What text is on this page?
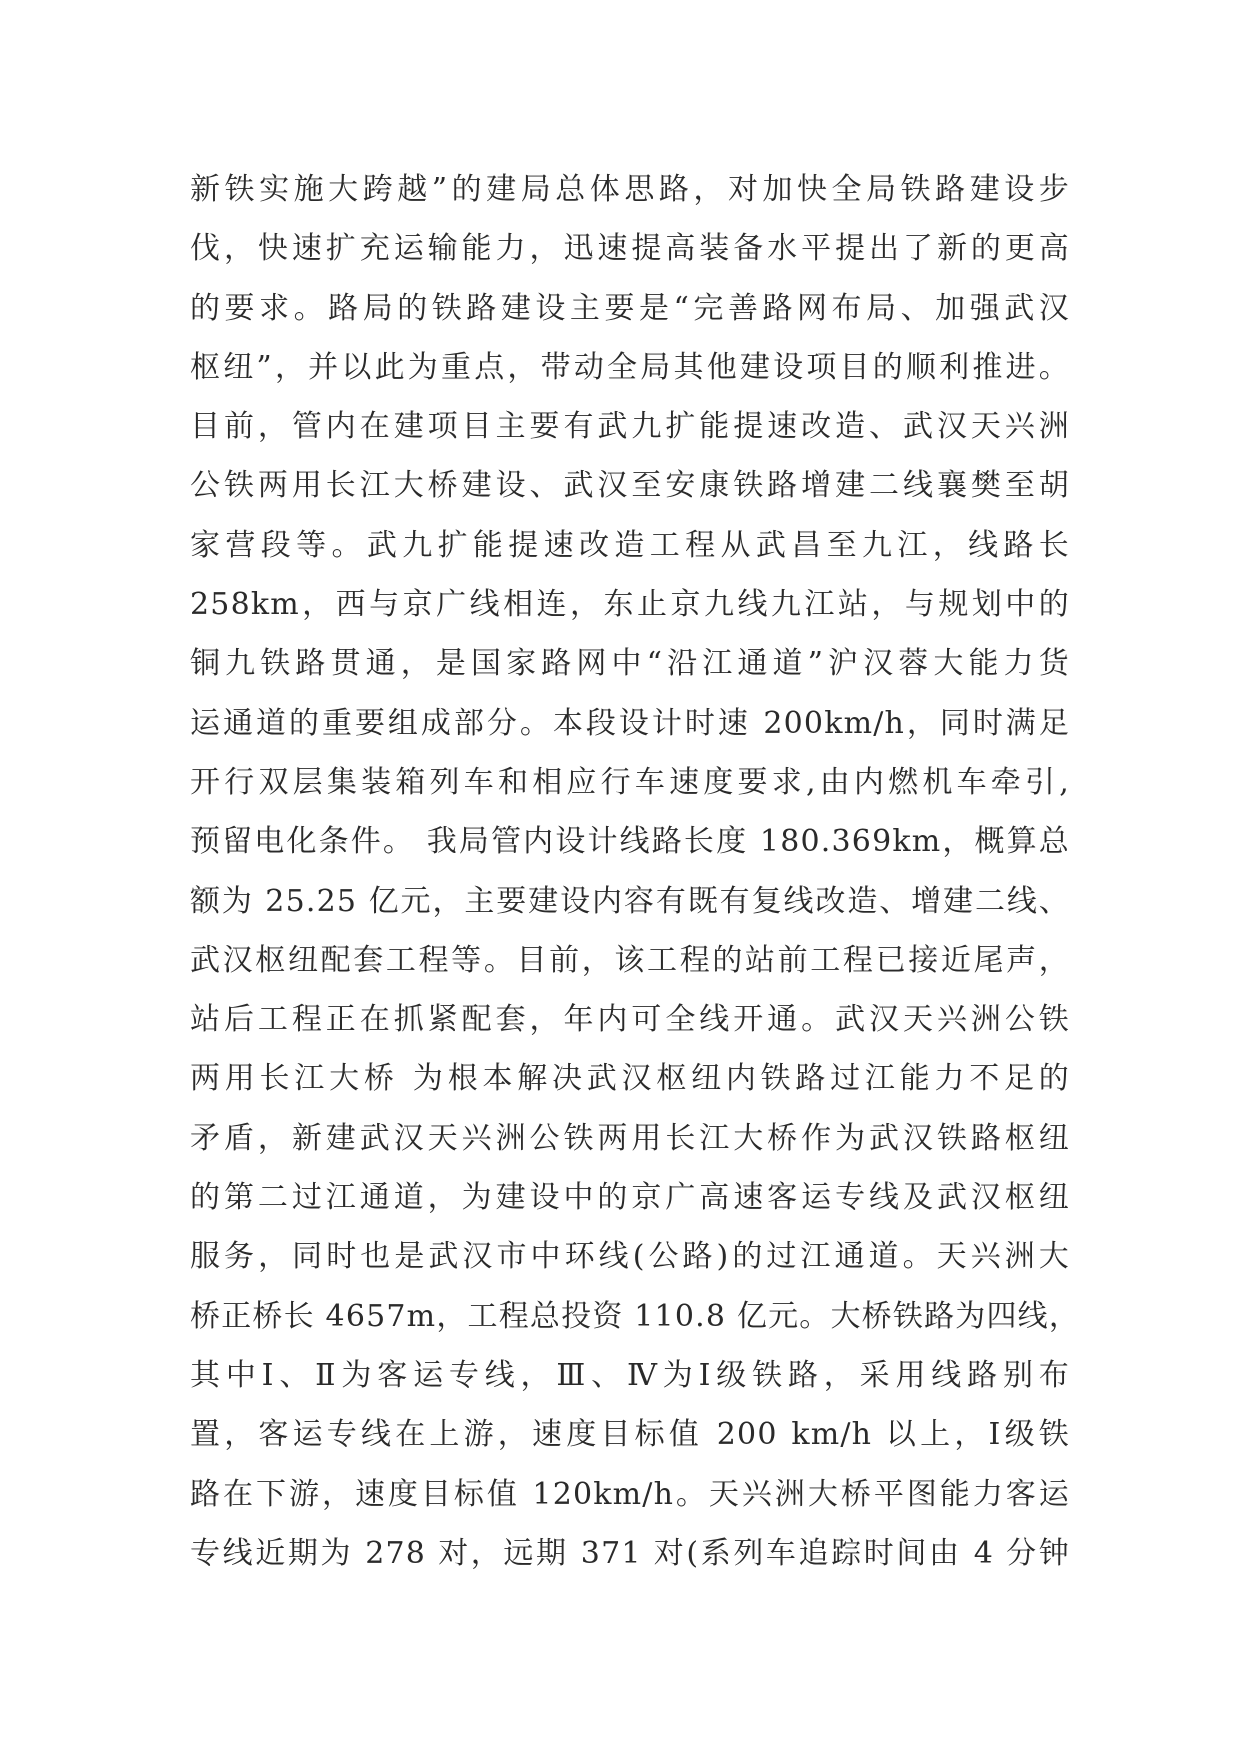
新铁实施大跨越”的建局总体思路，对加快全局铁路建设步
伐，快速扩充运输能力，迅速提高装备水平提出了新的更高
的要求。路局的铁路建设主要是“完善路网布局、加强武汉
枢纽”，并以此为重点，带动全局其他建设项目的顺利推进。
目前，管内在建项目主要有武九扩能提速改造、武汉天兴洲
公铁两用长江大桥建设、武汉至安康铁路增建二线襄樊至胡
家营段等。武九扩能提速改造工程从武昌至九江，线路长
258km，西与京广线相连，东止京九线九江站，与规划中的
铜九铁路贯通，是国家路网中“沿江通道”沪汉蓉大能力货
运通道的重要组成部分。本段设计时速 200km/h，同时满足
开行双层集装箱列车和相应行车速度要求,由内燃机车牵引,
预留电化条件。 我局管内设计线路长度 180.369km，概算总
额为 25.25 亿元，主要建设内容有既有复线改造、增建二线、
武汉枢纽配套工程等。目前，该工程的站前工程已接近尾声，
站后工程正在抓紧配套，年内可全线开通。武汉天兴洲公铁
两用长江大桥 为根本解决武汉枢纽内铁路过江能力不足的
矛盾，新建武汉天兴洲公铁两用长江大桥作为武汉铁路枢纽
的第二过江通道，为建设中的京广高速客运专线及武汉枢纽
服务，同时也是武汉市中环线(公路)的过江通道。天兴洲大
桥正桥长 4657m，工程总投资 110.8 亿元。大桥铁路为四线，
其中Ⅰ、Ⅱ为客运专线，Ⅲ、Ⅳ为Ⅰ级铁路，采用线路别布
置，客运专线在上游，速度目标值 200 km/h 以上，Ⅰ级铁
路在下游，速度目标值 120km/h。天兴洲大桥平图能力客运
专线近期为 278 对，远期 371 对(系列车追踪时间由 4 分钟
